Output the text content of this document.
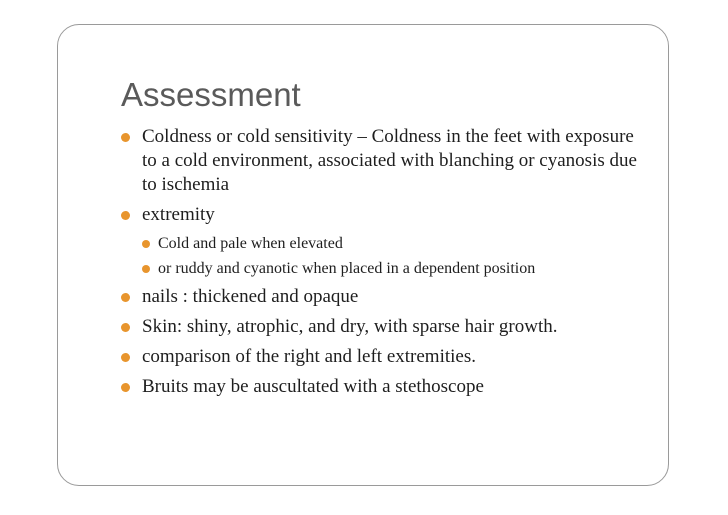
Assessment
Coldness or cold sensitivity – Coldness in the feet with exposure to a cold environment, associated with blanching or cyanosis due to ischemia
extremity
Cold and pale when elevated
or ruddy and cyanotic when placed in a dependent position
nails : thickened and opaque
Skin: shiny, atrophic, and dry, with sparse hair growth.
comparison of the right and left extremities.
Bruits may be auscultated with a stethoscope
